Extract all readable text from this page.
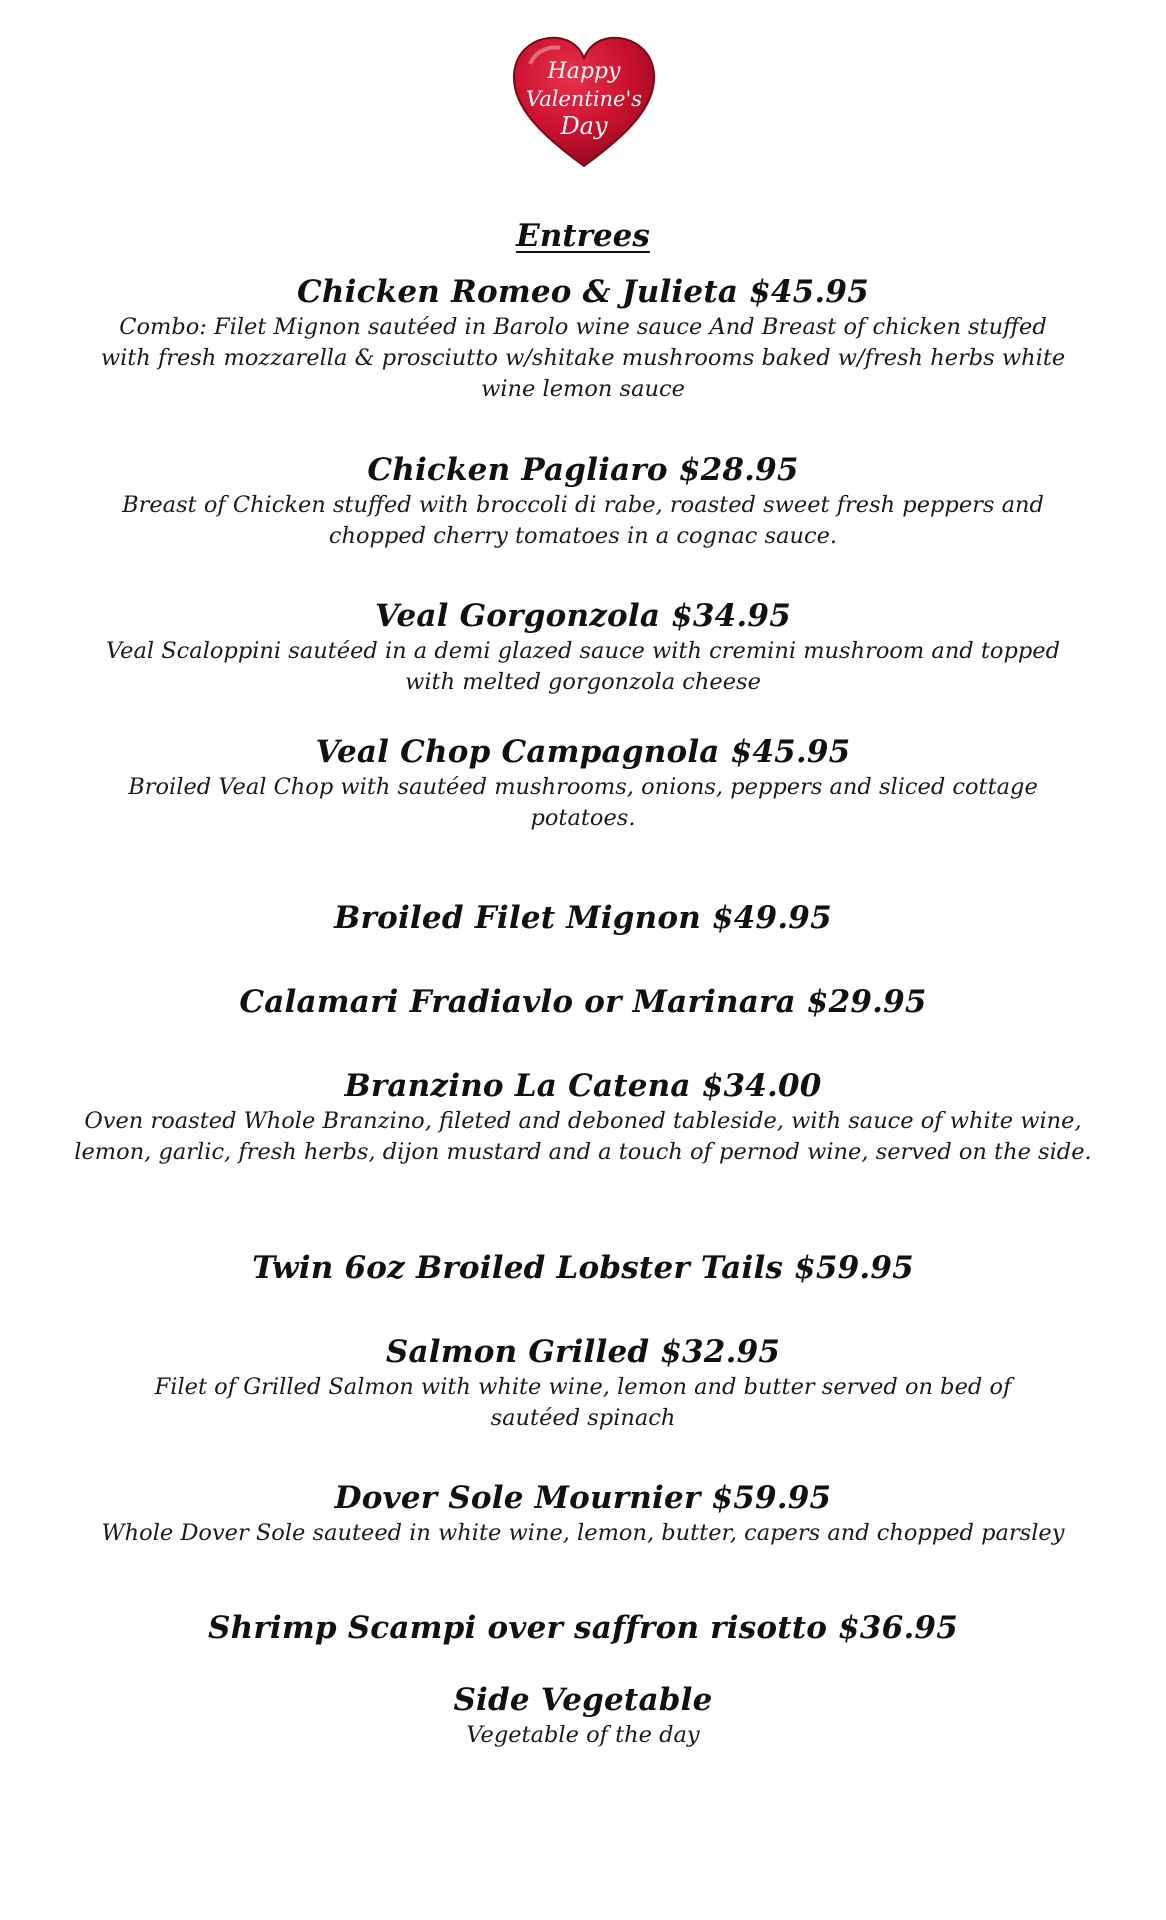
Happy
Valentine's
Day
Entrees

Chicken Romeo & Julieta $45.95

Combo: Filet Mignon sautéed in Barolo wine sauce And Breast of chicken stuffed

with fresh mozzarella & prosciutto w/shitake mushrooms baked w/fresh herbs white

wine lemon sauce

Chicken Pagliaro $28.95

Breast of Chicken stuffed with broccoli di rabe, roasted sweet fresh peppers and

chopped cherry tomatoes in a cognac sauce.

Veal Gorgonzola $34.95

Veal Scaloppini sautéed in a demi glazed sauce with cremini mushroom and topped

with melted gorgonzola cheese

Veal Chop Campagnola $45.95

Broiled Veal Chop with sautéed mushrooms, onions, peppers and sliced cottage

potatoes.

Broiled Filet Mignon $49.95

Calamari Fradiavlo or Marinara $29.95

Branzino La Catena $34.00

Oven roasted Whole Branzino, fileted and deboned tableside, with sauce of white wine,

lemon, garlic, fresh herbs, dijon mustard and a touch of pernod wine, served on the side.

Twin 6oz Broiled Lobster Tails $59.95

Salmon Grilled $32.95

Filet of Grilled Salmon with white wine, lemon and butter served on bed of

sautéed spinach

Dover Sole Mournier $59.95

Whole Dover Sole sauteed in white wine, lemon, butter, capers and chopped parsley

Shrimp Scampi over saffron risotto $36.95

Side Vegetable

Vegetable of the day
